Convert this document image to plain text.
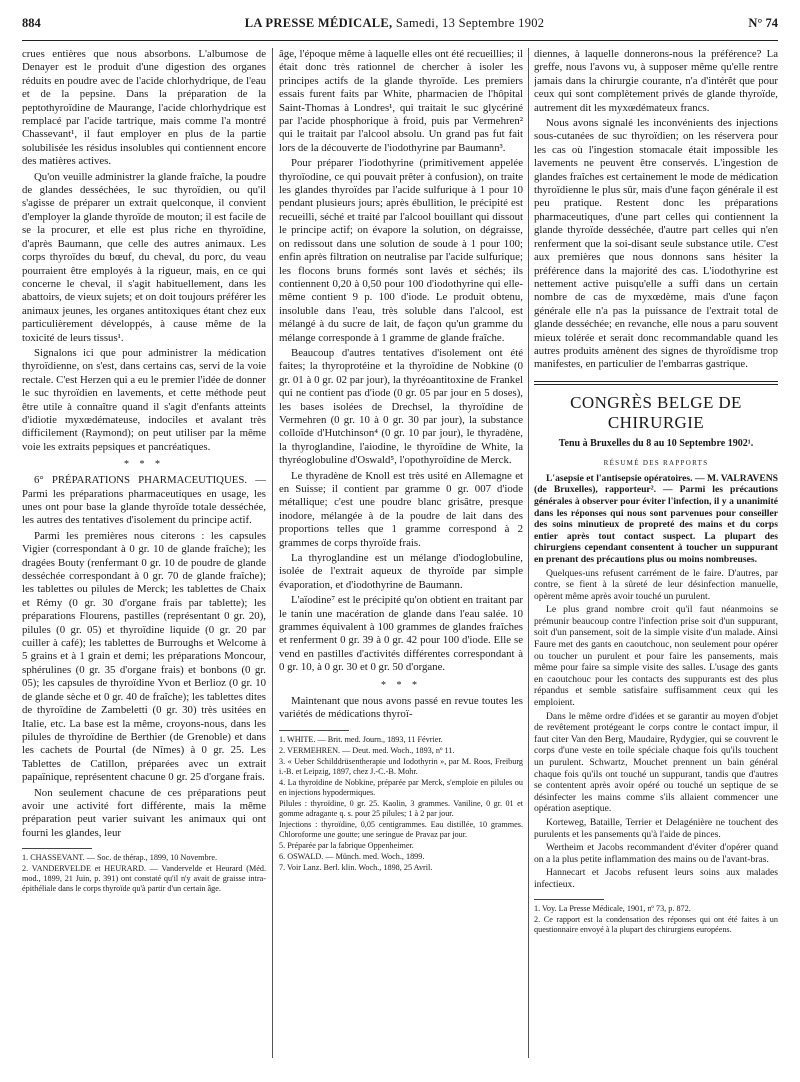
884	LA PRESSE MÉDICALE, Samedi, 13 Septembre 1902	N° 74

crues entières que nous absorbons. L'albumose de Denayer est le produit d'une digestion des organes réduits en poudre avec de l'acide chlorhydrique, de l'eau et de la pepsine. Dans la préparation de la peptothyroïdine de Maurange, l'acide chlorhydrique est remplacé par l'acide tartrique, mais comme l'a montré Chassevant¹, il faut employer en plus de la partie solubilisée les résidus insolubles qui contiennent encore des matières actives.

Qu'on veuille administrer la glande fraîche, la poudre de glandes desséchées, le suc thyroïdien, ou qu'il s'agisse de préparer un extrait quelconque, il convient d'employer la glande thyroïde de mouton; il est facile de se la procurer, et elle est plus riche en thyroïdine, d'après Baumann, que celle des autres animaux. Les corps thyroïdes du bœuf, du cheval, du porc, du veau pourraient être employés à la rigueur, mais, en ce qui concerne le cheval, il s'agit habituellement, dans les abattoirs, de vieux sujets; et on doit toujours préférer les animaux jeunes, les organes antitoxiques étant chez eux particulièrement développés, à cause même de la toxicité de leurs tissus¹.

Signalons ici que pour administrer la médication thyroïdienne, on s'est, dans certains cas, servi de la voie rectale. C'est Herzen qui a eu le premier l'idée de donner le suc thyroïdien en lavements, et cette méthode peut être utile à connaître quand il s'agit d'enfants atteints d'idiotie myxœdémateuse, indociles et avalant très difficilement (Raymond); on peut utiliser par la même voie les extraits pepsiques et pancréatiques.

* * *

6° PRÉPARATIONS PHARMACEUTIQUES. — Parmi les préparations pharmaceutiques en usage, les unes ont pour base la glande thyroïde totale desséchée, les autres des tentatives d'isolement du principe actif.

Parmi les premières nous citerons : les capsules Vigier (correspondant à 0 gr. 10 de glande fraîche); les dragées Bouty (renfermant 0 gr. 10 de poudre de glande desséchée correspondant à 0 gr. 70 de glande fraîche); les tablettes ou pilules de Merck; les tablettes de Chaix et Rémy (0 gr. 30 d'organe frais par tablette); les préparations Flourens, pastilles (représentant 0 gr. 20), pilules (0 gr. 05) et thyroïdine liquide (0 gr. 20 par cuiller à café); les tablettes de Burroughs et Welcome à 5 grains et à 1 grain et demi; les préparations Moncour, sphérulines (0 gr. 35 d'organe frais) et bonbons (0 gr. 05); les capsules de thyroïdine Yvon et Berlioz (0 gr. 10 de glande sèche et 0 gr. 40 de fraîche); les tablettes dites de thyroïdine de Zambeletti (0 gr. 30) très usitées en Italie, etc. La base est la même, croyons-nous, dans les pilules de thyroïdine de Berthier (de Grenoble) et dans les cachets de Pourtal (de Nîmes) à 0 gr. 25. Les Tablettes de Catillon, préparées avec un extrait papaïnique, représentent chacune 0 gr. 25 d'organe frais.

Non seulement chacune de ces préparations peut avoir une activité fort différente, mais la même préparation peut varier suivant les animaux qui ont fourni les glandes, leur

1. CHASSEVANT. — Soc. de thérap., 1899, 10 Novembre.
2. VANDERVELDE et HEURARD. — Vandervelde et Heurard (Méd. mod., 1899, 21 Juin, p. 391) ont constaté qu'il n'y avait de graisse intra-épithéliale dans le corps thyroïde qu'à partir d'un certain âge.

âge, l'époque même à laquelle elles ont été recueillies; il était donc très rationnel de chercher à isoler les principes actifs de la glande thyroïde. Les premiers essais furent faits par White, pharmacien de l'hôpital Saint-Thomas à Londres¹, qui traitait le suc glycériné par l'acide phosphorique à froid, puis par Vermehren² qui le traitait par l'alcool absolu. Un grand pas fut fait lors de la découverte de l'iodothyrine par Baumann³.

Pour préparer l'iodothyrine (primitivement appelée thyroïodine, ce qui pouvait prêter à confusion), on traite les glandes thyroïdes par l'acide sulfurique à 1 pour 10 pendant plusieurs jours; après ébullition, le précipité est recueilli, séché et traité par l'alcool bouillant qui dissout le principe actif; on évapore la solution, on dégraisse, on redissout dans une solution de soude à 1 pour 100; enfin après filtration on neutralise par l'acide sulfurique; les flocons bruns formés sont lavés et séchés; ils contiennent 0,20 à 0,50 pour 100 d'iodothyrine qui elle-même contient 9 p. 100 d'iode. Le produit obtenu, insoluble dans l'eau, très soluble dans l'alcool, est mélangé à du sucre de lait, de façon qu'un gramme du mélange corresponde à 1 gramme de glande fraîche.

Beaucoup d'autres tentatives d'isolement ont été faites; la thyroprotéine et la thyroïdine de Nobkine (0 gr. 01 à 0 gr. 02 par jour), la thyréoantitoxine de Frankel qui ne contient pas d'iode (0 gr. 05 par jour en 5 doses), les bases isolées de Drechsel, la thyroïdine de Vermehren (0 gr. 10 à 0 gr. 30 par jour), la substance colloïde d'Hutchinson⁴ (0 gr. 10 par jour), le thyradène, la thyroglandine, l'aiodine, le thyroïdine de White, la thyréoglobuline d'Oswald⁵, l'opothyroïdine de Merck.

Le thyradène de Knoll est très usité en Allemagne et en Suisse; il contient par gramme 0 gr. 007 d'iode métallique; c'est une poudre blanc grisâtre, presque inodore, mélangée à de la poudre de lait dans des proportions telles que 1 gramme correspond à 2 grammes de corps thyroïde frais.

La thyroglandine est un mélange d'iodoglobuline, isolée de l'extrait aqueux de thyroïde par simple évaporation, et d'iodothyrine de Baumann.

L'aïodine⁷ est le précipité qu'on obtient en traitant par le tanin une macération de glande dans l'eau salée. 10 grammes équivalent à 100 grammes de glandes fraîches et renferment 0 gr. 39 à 0 gr. 42 pour 100 d'iode. Elle se vend en pastilles d'activités différentes correspondant à 0 gr. 10, à 0 gr. 30 et 0 gr. 50 d'organe.

* * *

Maintenant que nous avons passé en revue toutes les variétés de médications thyroï-

1. WHITE. — Brit. med. Journ., 1893, 11 Février.
2. VERMEHREN. — Deut. med. Woch., 1893, nº 11.
3. « Ueber Schilddrüsentherapie und Iodothyrin », par M. Roos, Freiburg i.-B. et Leipzig, 1897, chez J.-C.-B. Mohr.
4. La thyroïdine de Nobkine, préparée par Merck, s'emploie en pilules ou en injections hypodermiques.
Pilules : thyroïdine, 0 gr. 25. Kaolin, 3 grammes. Vaniline, 0 gr. 01 et gomme adragante q. s. pour 25 pilules; 1 à 2 par jour.
Injections : thyroïdine, 0,05 centigrammes. Eau distillée, 10 grammes. Chloroforme une goutte; une seringue de Pravaz par jour.
5. Préparée par la fabrique Oppenheimer.
6. OSWALD. — Münch. med. Woch., 1899.
7. Voir Lanz. Berl. klin. Woch., 1898, 25 Avril.

diennes, à laquelle donnerons-nous la préférence? La greffe, nous l'avons vu, à supposer même qu'elle rentre jamais dans la chirurgie courante, n'a d'intérêt que pour ceux qui sont complètement privés de glande thyroïde, autrement dit les myxœdémateux francs.

Nous avons signalé les inconvénients des injections sous-cutanées de suc thyroïdien; on les réservera pour les cas où l'ingestion stomacale était impossible les lavements ne peuvent être conservés. L'ingestion de glandes fraîches est certainement le mode de médication thyroïdienne le plus sûr, mais d'une façon générale il est peu pratique. Restent donc les préparations pharmaceutiques, d'une part celles qui contiennent la glande thyroïde desséchée, d'autre part celles qui n'en renferment que la soi-disant seule substance utile. C'est aux premières que nous donnons sans hésiter la préférence dans la majorité des cas. L'iodothyrine est nettement active puisqu'elle a suffi dans un certain nombre de cas de myxœdème, mais d'une façon générale elle n'a pas la puissance de l'extrait total de glande desséchée; en revanche, elle nous a paru souvent mieux tolérée et serait donc recommandable quand les autres produits amènent des signes de thyroïdisme trop manifestes, en particulier de l'embarras gastrique.

CONGRÈS BELGE DE CHIRURGIE
Tenu à Bruxelles du 8 au 10 Septembre 1902¹.
RÉSUMÉ DES RAPPORTS
L'asepsie et l'antisepsie opératoires. — M. VALRAVENS (de Bruxelles), rapporteur². — Parmi les précautions générales à observer pour éviter l'infection, il y a unanimité dans les réponses qui nous sont parvenues pour conseiller des soins minutieux de propreté des mains et du corps entier après tout contact suspect. La plupart des chirurgiens cependant consentent à toucher un suppurant en prenant des précautions plus ou moins nombreuses.
Quelques-uns refusent carrément de le faire. D'autres, par contre, se fient à la sûreté de leur désinfection manuelle, opèrent même après avoir touché un purulent.
Le plus grand nombre croit qu'il faut néanmoins se prémunir beaucoup contre l'infection prise soit d'un suppurant, soit d'un pansement, soit de la simple visite d'un malade. Ainsi Faure met des gants en caoutchouc, non seulement pour opérer ou toucher un purulent et pour faire les pansements, mais même pour faire sa simple visite des salles. L'usage des gants en caoutchouc pour les contacts des suppurants est des plus répandus et semble satisfaire suffisamment ceux qui les emploient.
Dans le même ordre d'idées et se garantir au moyen d'objet de revêtement protégeant le corps contre le contact impur, il faut citer Van den Berg, Maudaire, Rydygier, qui se couvrent le corps d'une veste en toile spéciale chaque fois qu'ils touchent un purulent. Schwartz, Mouchet prennent un bain général chaque fois qu'ils ont touché un suppurant, tandis que d'autres se contentent après avoir opéré ou touché un septique de se désinfecter les mains comme s'ils allaient commencer une opération aseptique.
Korteweg, Bataille, Terrier et Delagénière ne touchent des purulents et les pansements qu'à l'aide de pinces.
Wertheim et Jacobs recommandent d'éviter d'opérer quand on a la plus petite inflammation des mains ou de l'avant-bras.
Hannecart et Jacobs refusent leurs soins aux malades infectieux.
1. Voy. La Presse Médicale, 1901, nº 73, p. 872.
2. Ce rapport est la condensation des réponses qui ont été faites à un questionnaire envoyé à la plupart des chirurgiens européens.
